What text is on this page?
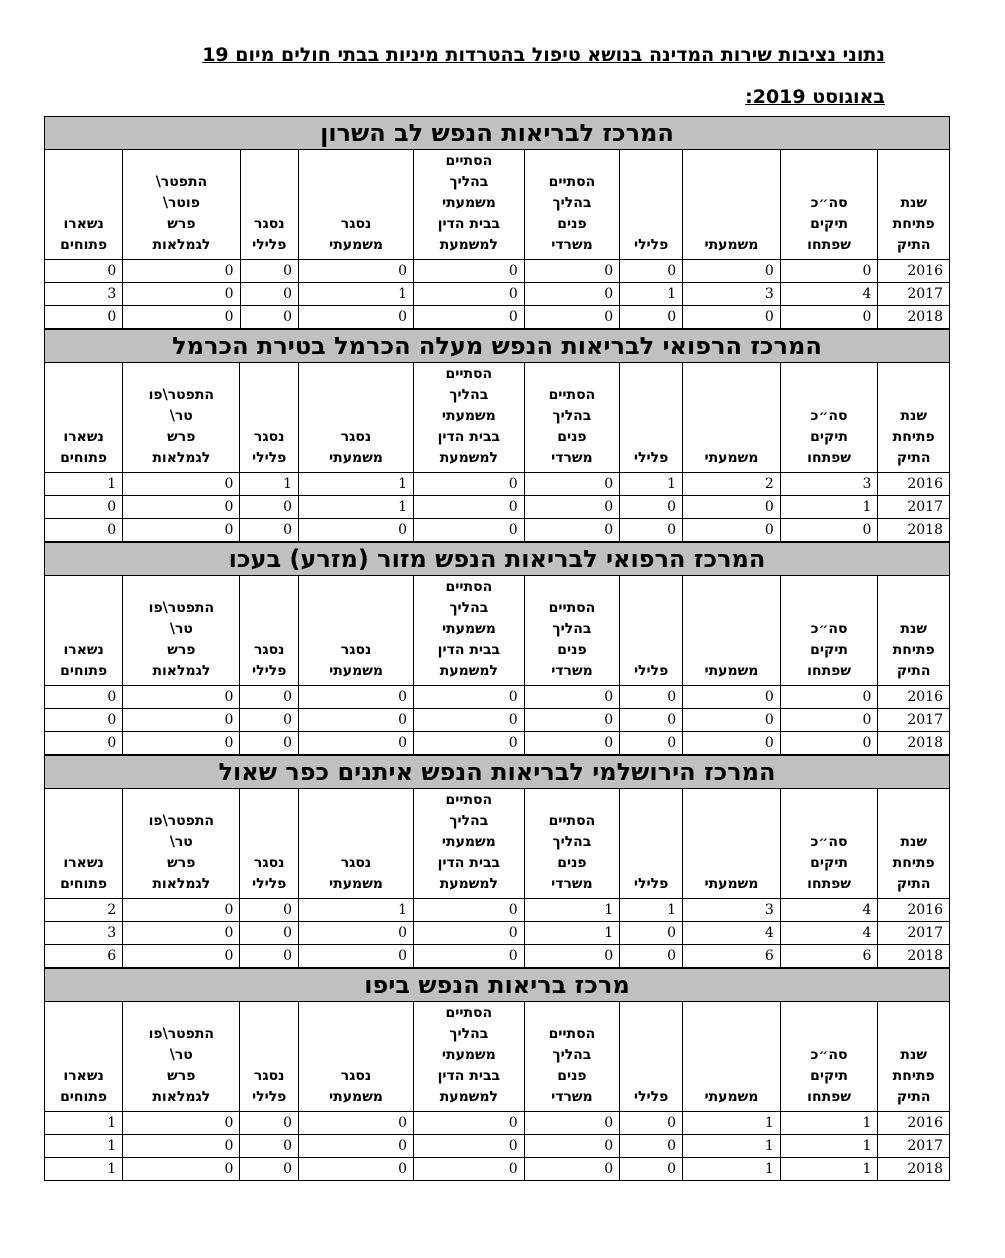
נתוני נציבות שירות המדינה בנושא טיפול בהטרדות מיניות בבתי חולים מיום 19
באוגוסט 2019:
המרכז לבריאות הנפש לב השרון									
שנת
פתיחת
התיק	סה״כ
תיקים
שפתחו	משמעתי	פלילי	הסתיים
בהליך
פנים
משרדי	הסתיים
בהליך
משמעתי
בבית הדין
למשמעת	נסגר
משמעתי	נסגר
פלילי	התפטר\
פוטר\
פרש
לגמלאות	נשארו
פתוחים
2016	0	0	0	0	0	0	0	0	0
2017	4	3	1	0	0	1	0	0	3
2018	0	0	0	0	0	0	0	0	0
המרכז הרפואי לבריאות הנפש מעלה הכרמל בטירת הכרמל									
שנת
פתיחת
התיק	סה״כ
תיקים
שפתחו	משמעתי	פלילי	הסתיים
בהליך
פנים
משרדי	הסתיים
בהליך
משמעתי
בבית הדין
למשמעת	נסגר
משמעתי	נסגר
פלילי	התפטר\פו
טר\
פרש
לגמלאות	נשארו
פתוחים
2016	3	2	1	0	0	1	1	0	1
2017	1	0	0	0	0	1	0	0	0
2018	0	0	0	0	0	0	0	0	0
המרכז הרפואי לבריאות הנפש מזור (מזרע) בעכו									
שנת
פתיחת
התיק	סה״כ
תיקים
שפתחו	משמעתי	פלילי	הסתיים
בהליך
פנים
משרדי	הסתיים
בהליך
משמעתי
בבית הדין
למשמעת	נסגר
משמעתי	נסגר
פלילי	התפטר\פו
טר\
פרש
לגמלאות	נשארו
פתוחים
2016	0	0	0	0	0	0	0	0	0
2017	0	0	0	0	0	0	0	0	0
2018	0	0	0	0	0	0	0	0	0
המרכז הירושלמי לבריאות הנפש איתנים כפר שאול									
שנת
פתיחת
התיק	סה״כ
תיקים
שפתחו	משמעתי	פלילי	הסתיים
בהליך
פנים
משרדי	הסתיים
בהליך
משמעתי
בבית הדין
למשמעת	נסגר
משמעתי	נסגר
פלילי	התפטר\פו
טר\
פרש
לגמלאות	נשארו
פתוחים
2016	4	3	1	1	0	1	0	0	2
2017	4	4	0	1	0	0	0	0	3
2018	6	6	0	0	0	0	0	0	6
מרכז בריאות הנפש ביפו									
שנת
פתיחת
התיק	סה״כ
תיקים
שפתחו	משמעתי	פלילי	הסתיים
בהליך
פנים
משרדי	הסתיים
בהליך
משמעתי
בבית הדין
למשמעת	נסגר
משמעתי	נסגר
פלילי	התפטר\פו
טר\
פרש
לגמלאות	נשארו
פתוחים
2016	1	1	0	0	0	0	0	0	1
2017	1	1	0	0	0	0	0	0	1
2018	1	1	0	0	0	0	0	0	1
